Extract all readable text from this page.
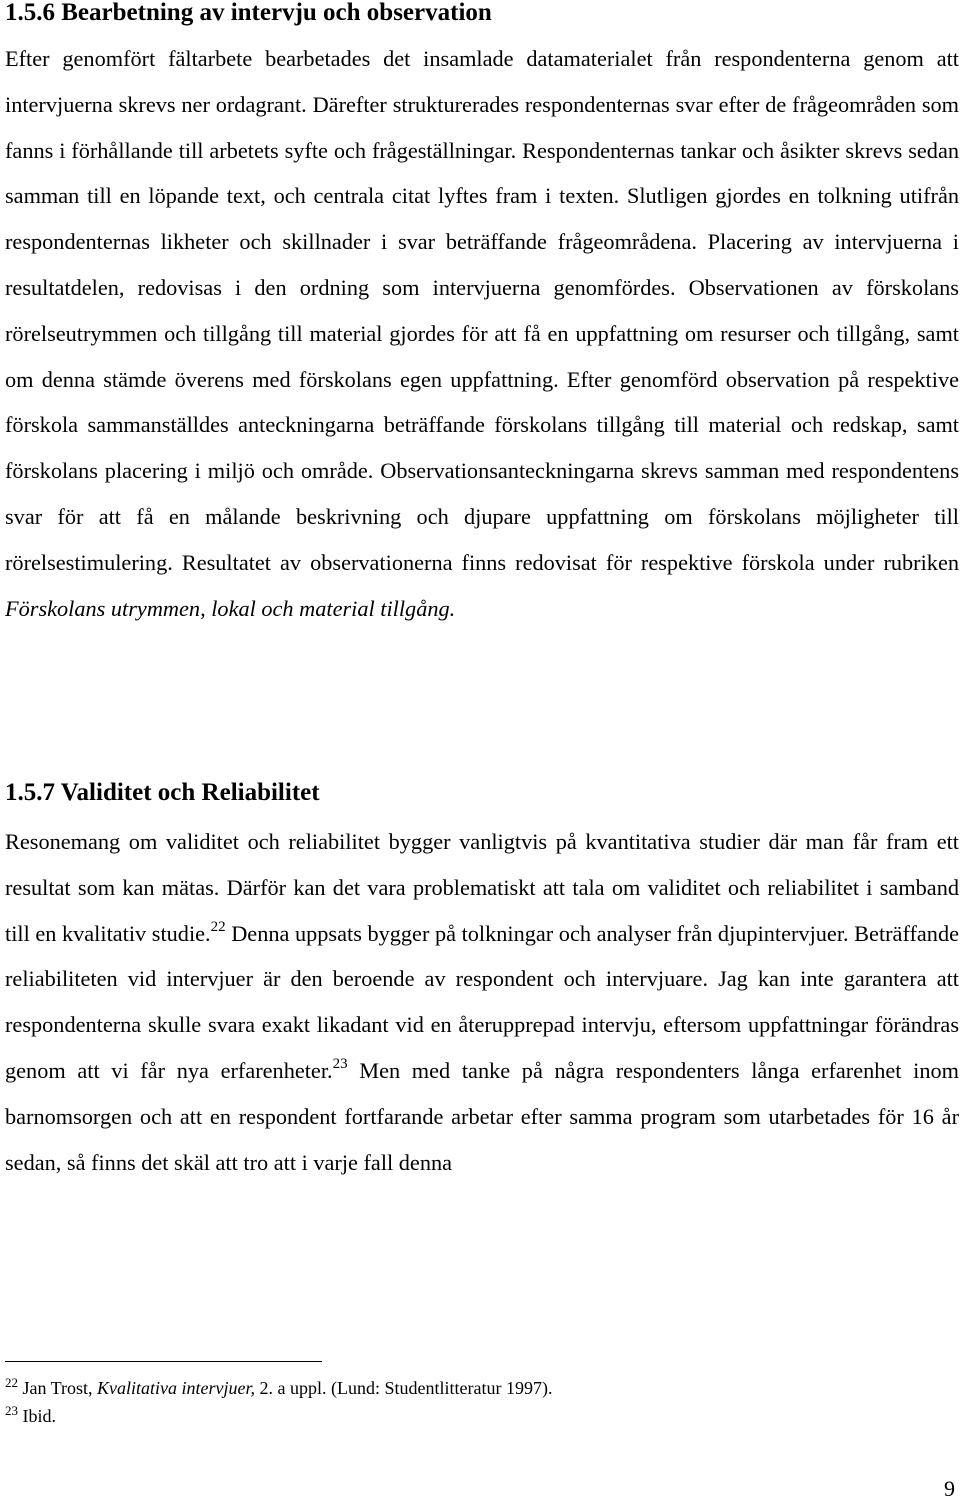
1.5.6 Bearbetning av intervju och observation

Efter genomfört fältarbete bearbetades det insamlade datamaterialet från respondenterna genom att intervjuerna skrevs ner ordagrant. Därefter strukturerades respondenternas svar efter de frågeområden som fanns i förhållande till arbetets syfte och frågeställningar. Respondenternas tankar och åsikter skrevs sedan samman till en löpande text, och centrala citat lyftes fram i texten. Slutligen gjordes en tolkning utifrån respondenternas likheter och skillnader i svar beträffande frågeområdena. Placering av intervjuerna i resultatdelen, redovisas i den ordning som intervjuerna genomfördes. Observationen av förskolans rörelseutrymmen och tillgång till material gjordes för att få en uppfattning om resurser och tillgång, samt om denna stämde överens med förskolans egen uppfattning. Efter genomförd observation på respektive förskola sammanställdes anteckningarna beträffande förskolans tillgång till material och redskap, samt förskolans placering i miljö och område. Observationsanteckningarna skrevs samman med respondentens svar för att få en målande beskrivning och djupare uppfattning om förskolans möjligheter till rörelsestimulering. Resultatet av observationerna finns redovisat för respektive förskola under rubriken Förskolans utrymmen, lokal och material tillgång.

1.5.7 Validitet och Reliabilitet

Resonemang om validitet och reliabilitet bygger vanligtvis på kvantitativa studier där man får fram ett resultat som kan mätas. Därför kan det vara problematiskt att tala om validitet och reliabilitet i samband till en kvalitativ studie.$^{22}$ Denna uppsats bygger på tolkningar och analyser från djupintervjuer. Beträffande reliabiliteten vid intervjuer är den beroende av respondent och intervjuare. Jag kan inte garantera att respondenterna skulle svara exakt likadant vid en återupprepad intervju, eftersom uppfattningar förändras genom att vi får nya erfarenheter.$^{23}$ Men med tanke på några respondenters långa erfarenhet inom barnomsorgen och att en respondent fortfarande arbetar efter samma program som utarbetades för 16 år sedan, så finns det skäl att tro att i varje fall denna

$^{22}$ Jan Trost, Kvalitativa intervjuer, 2. a uppl. (Lund: Studentlitteratur 1997).
$^{23}$ Ibid.
9
